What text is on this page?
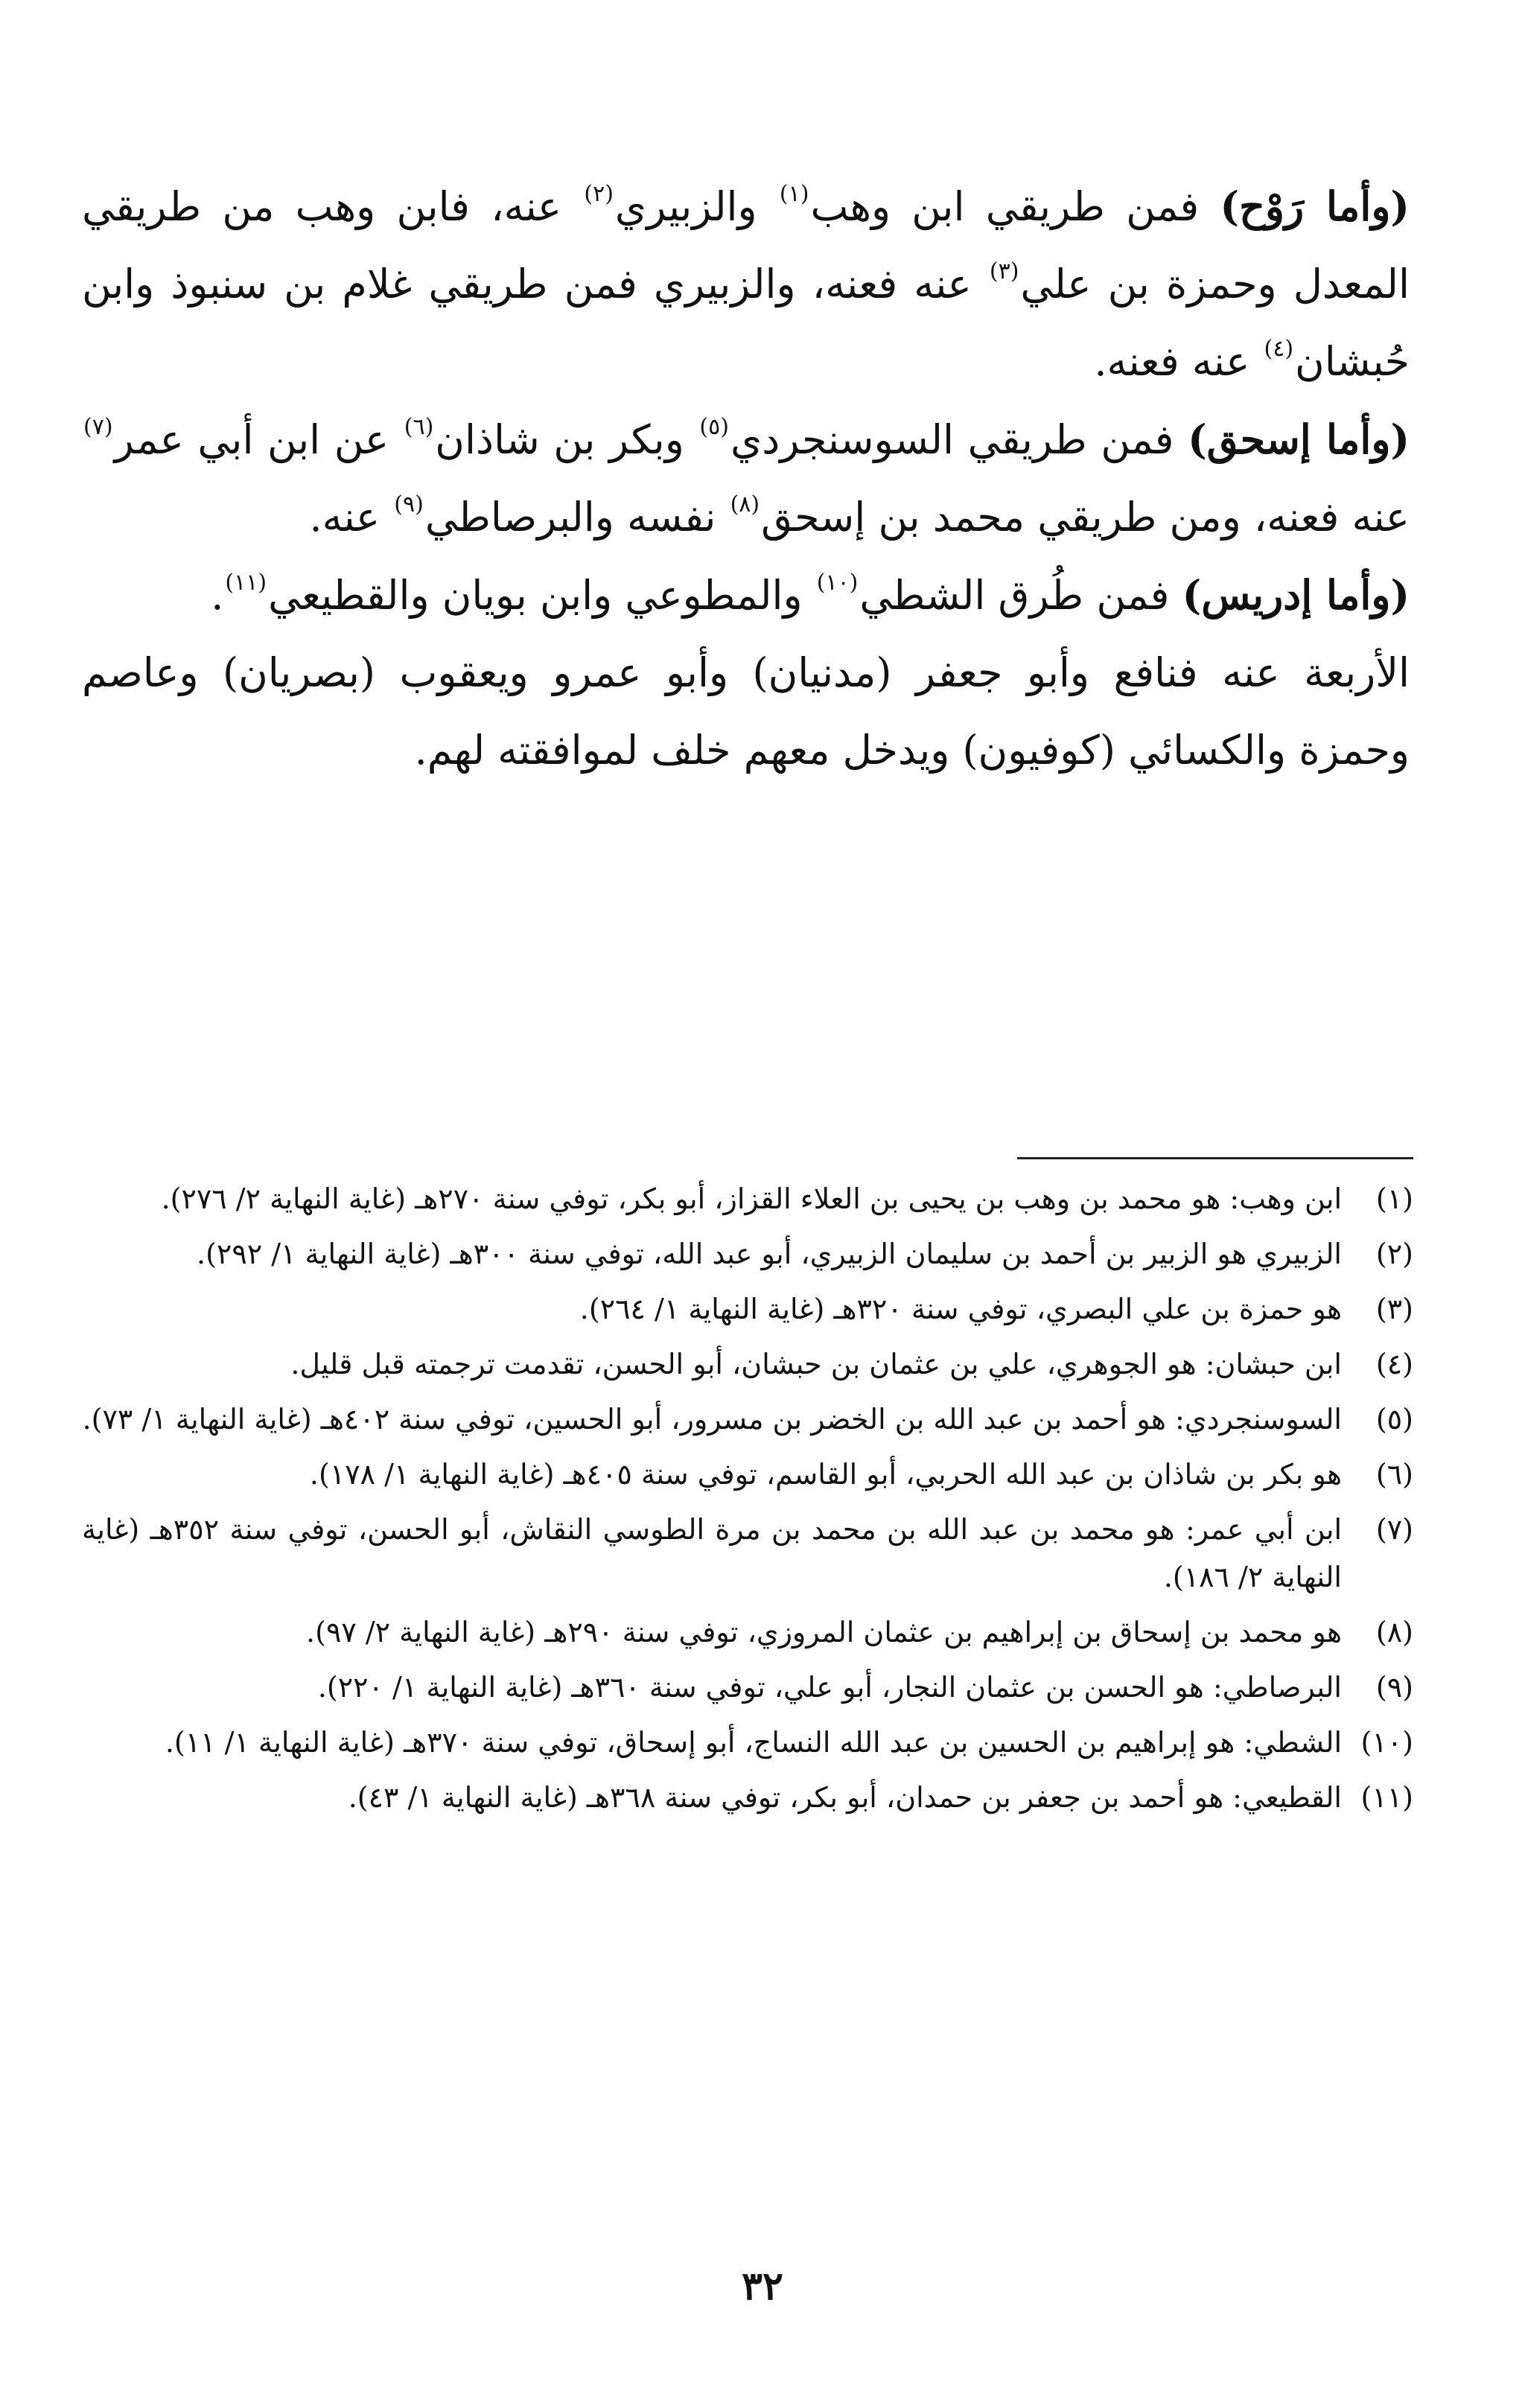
(وأما رَوْح) فمن طريقي ابن وهب$^{(١)}$ والزبيري$^{(٢)}$ عنه، فابن وهب من طريقي المعدل وحمزة بن علي$^{(٣)}$ عنه فعنه، والزبيري فمن طريقي غلام بن سنبوذ وابن حُبشان$^{(٤)}$ عنه فعنه.

(وأما إسحق) فمن طريقي السوسنجردي$^{(٥)}$ وبكر بن شاذان$^{(٦)}$ عن ابن أبي عمر$^{(٧)}$ عنه فعنه، ومن طريقي محمد بن إسحق$^{(٨)}$ نفسه والبرصاطي$^{(٩)}$ عنه.

(وأما إدريس) فمن طُرق الشطي$^{(١٠)}$ والمطوعي وابن بويان والقطيعي$^{(١١)}$.

الأربعة عنه فنافع وأبو جعفر (مدنيان) وأبو عمرو ويعقوب (بصريان) وعاصم وحمزة والكسائي (كوفيون) ويدخل معهم خلف لموافقته لهم.

(١)
ابن وهب: هو محمد بن وهب بن يحيى بن العلاء القزاز، أبو بكر، توفي سنة ٢٧٠هـ (غاية النهاية ٢/ ٢٧٦).
(٢)
الزبيري هو الزبير بن أحمد بن سليمان الزبيري، أبو عبد الله، توفي سنة ٣٠٠هـ (غاية النهاية ١/ ٢٩٢).
(٣)
هو حمزة بن علي البصري، توفي سنة ٣٢٠هـ (غاية النهاية ١/ ٢٦٤).
(٤)
ابن حبشان: هو الجوهري، علي بن عثمان بن حبشان، أبو الحسن، تقدمت ترجمته قبل قليل.
(٥)
السوسنجردي: هو أحمد بن عبد الله بن الخضر بن مسرور، أبو الحسين، توفي سنة ٤٠٢هـ (غاية النهاية ١/ ٧٣).
(٦)
هو بكر بن شاذان بن عبد الله الحربي، أبو القاسم، توفي سنة ٤٠٥هـ (غاية النهاية ١/ ١٧٨).
(٧)
ابن أبي عمر: هو محمد بن عبد الله بن محمد بن مرة الطوسي النقاش، أبو الحسن، توفي سنة ٣٥٢هـ (غاية النهاية ٢/ ١٨٦).
(٨)
هو محمد بن إسحاق بن إبراهيم بن عثمان المروزي، توفي سنة ٢٩٠هـ (غاية النهاية ٢/ ٩٧).
(٩)
البرصاطي: هو الحسن بن عثمان النجار، أبو علي، توفي سنة ٣٦٠هـ (غاية النهاية ١/ ٢٢٠).
(١٠)
الشطي: هو إبراهيم بن الحسين بن عبد الله النساج، أبو إسحاق، توفي سنة ٣٧٠هـ (غاية النهاية ١/ ١١).
(١١)
القطيعي: هو أحمد بن جعفر بن حمدان، أبو بكر، توفي سنة ٣٦٨هـ (غاية النهاية ١/ ٤٣).
٣٢
